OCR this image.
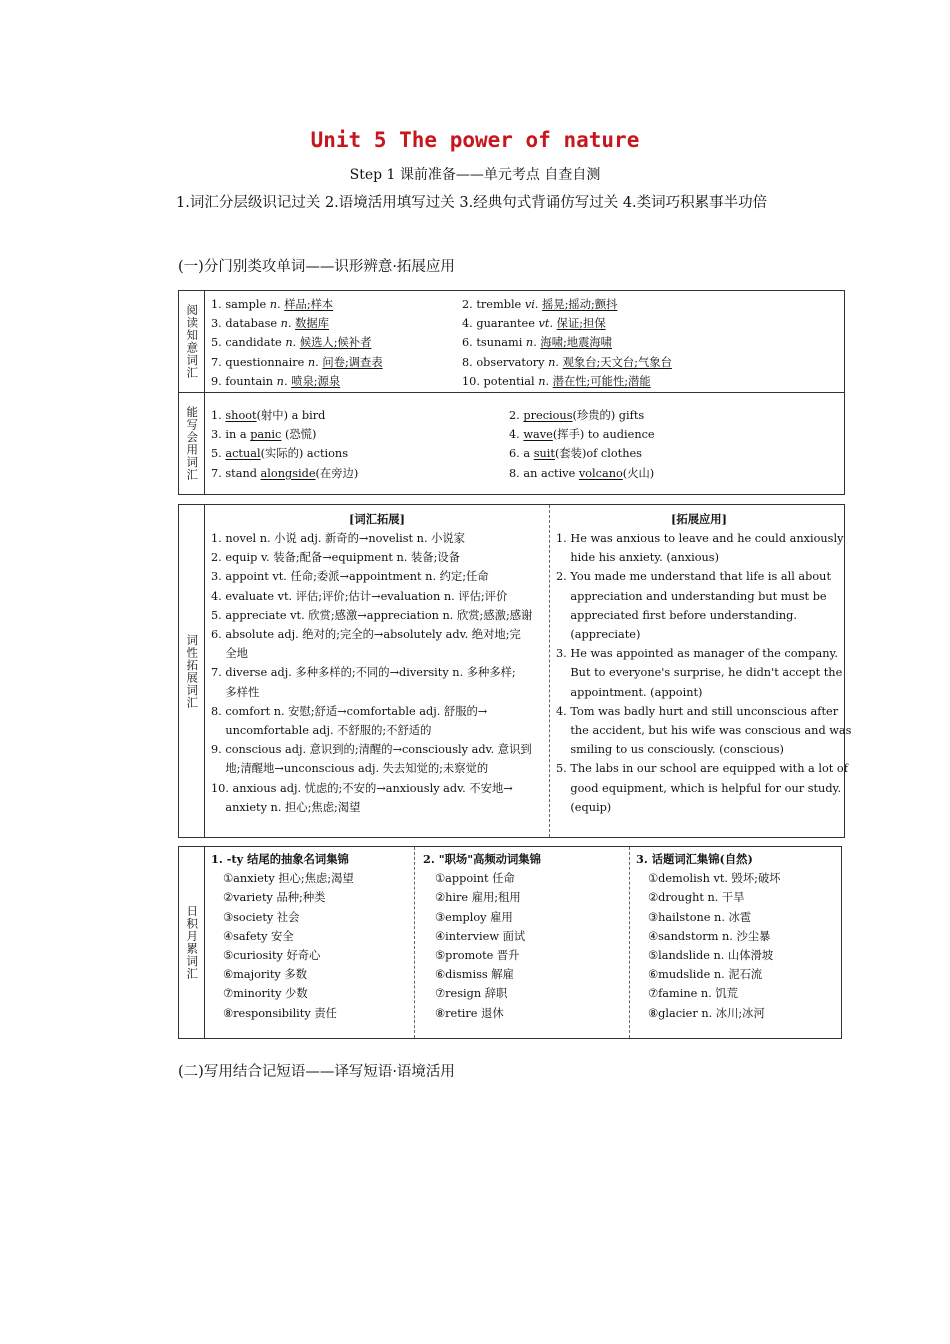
Unit 5 The power of nature
Step 1 课前准备——单元考点 自查自测
1.词汇分层级识记过关 2.语境活用填写过关 3.经典句式背诵仿写过关 4.类词巧积累事半功倍
(一)分门别类攻单词——识形辨意·拓展应用
阅读知意词汇 1. sample n. 样品;样本
3. database n. 数据库
5. candidate n. 候选人;候补者
7. questionnaire n. 问卷;调查表
9. fountain n. 喷泉;源泉
2. tremble vi. 摇晃;摇动;颤抖
4. guarantee vt. 保证;担保
6. tsunami n. 海啸;地震海啸
8. observatory n. 观象台;天文台;气象台
10. potential n. 潜在性;可能性;潜能
能写会用词汇 1. shoot(射中) a bird
3. in a panic (恐慌)
5. actual(实际的) actions
7. stand alongside(在旁边)
2. precious(珍贵的) gifts
4. wave(挥手) to audience
6. a suit(套装)of clothes
8. an active volcano(火山)
词性拓展词汇
[词汇拓展]	[拓展应用]

1. novel n. 小说 adj. 新奇的→novelist n. 小说家

2. equip v. 装备;配备→equipment n. 装备;设备

3. appoint vt. 任命;委派→appointment n. 约定;任命

4. evaluate vt. 评估;评价;估计→evaluation n. 评估;评价

5. appreciate vt. 欣赏;感激→appreciation n. 欣赏;感激;感谢

6. absolute adj. 绝对的;完全的→absolutely adv. 绝对地;完

全地

7. diverse adj. 多种多样的;不同的→diversity n. 多种多样;

多样性

8. comfort n. 安慰;舒适→comfortable adj. 舒服的→

uncomfortable adj. 不舒服的;不舒适的

9. conscious adj. 意识到的;清醒的→consciously adv. 意识到

地;清醒地→unconscious adj. 失去知觉的;未察觉的

10. anxious adj. 忧虑的;不安的→anxiously adv. 不安地→

anxiety n. 担心;焦虑;渴望

1. He was anxious to leave and he could anxiously

hide his anxiety. (anxious)

2. You made me understand that life is all about

appreciation and understanding but must be

appreciated first before understanding.

(appreciate)

3. He was appointed as manager of the company.

But to everyone's surprise, he didn't accept the

appointment. (appoint)

4. Tom was badly hurt and still unconscious after

the accident, but his wife was conscious and was

smiling to us consciously. (conscious)

5. The labs in our school are equipped with a lot of

good equipment, which is helpful for our study.

(equip)

日积月累词汇
1. -ty 结尾的抽象名词集锦
①anxiety 担心;焦虑;渴望
②variety 品种;种类
③society 社会
④safety 安全
⑤curiosity 好奇心
⑥majority 多数
⑦minority 少数
⑧responsibility 责任
2. "职场"高频动词集锦
①appoint 任命
②hire 雇用;租用
③employ 雇用
④interview 面试
⑤promote 晋升
⑥dismiss 解雇
⑦resign 辞职
⑧retire 退休
3. 话题词汇集锦(自然)
①demolish vt. 毁坏;破坏
②drought n. 干旱
③hailstone n. 冰雹
④sandstorm n. 沙尘暴
⑤landslide n. 山体滑坡
⑥mudslide n. 泥石流
⑦famine n. 饥荒
⑧glacier n. 冰川;冰河
(二)写用结合记短语——译写短语·语境活用
